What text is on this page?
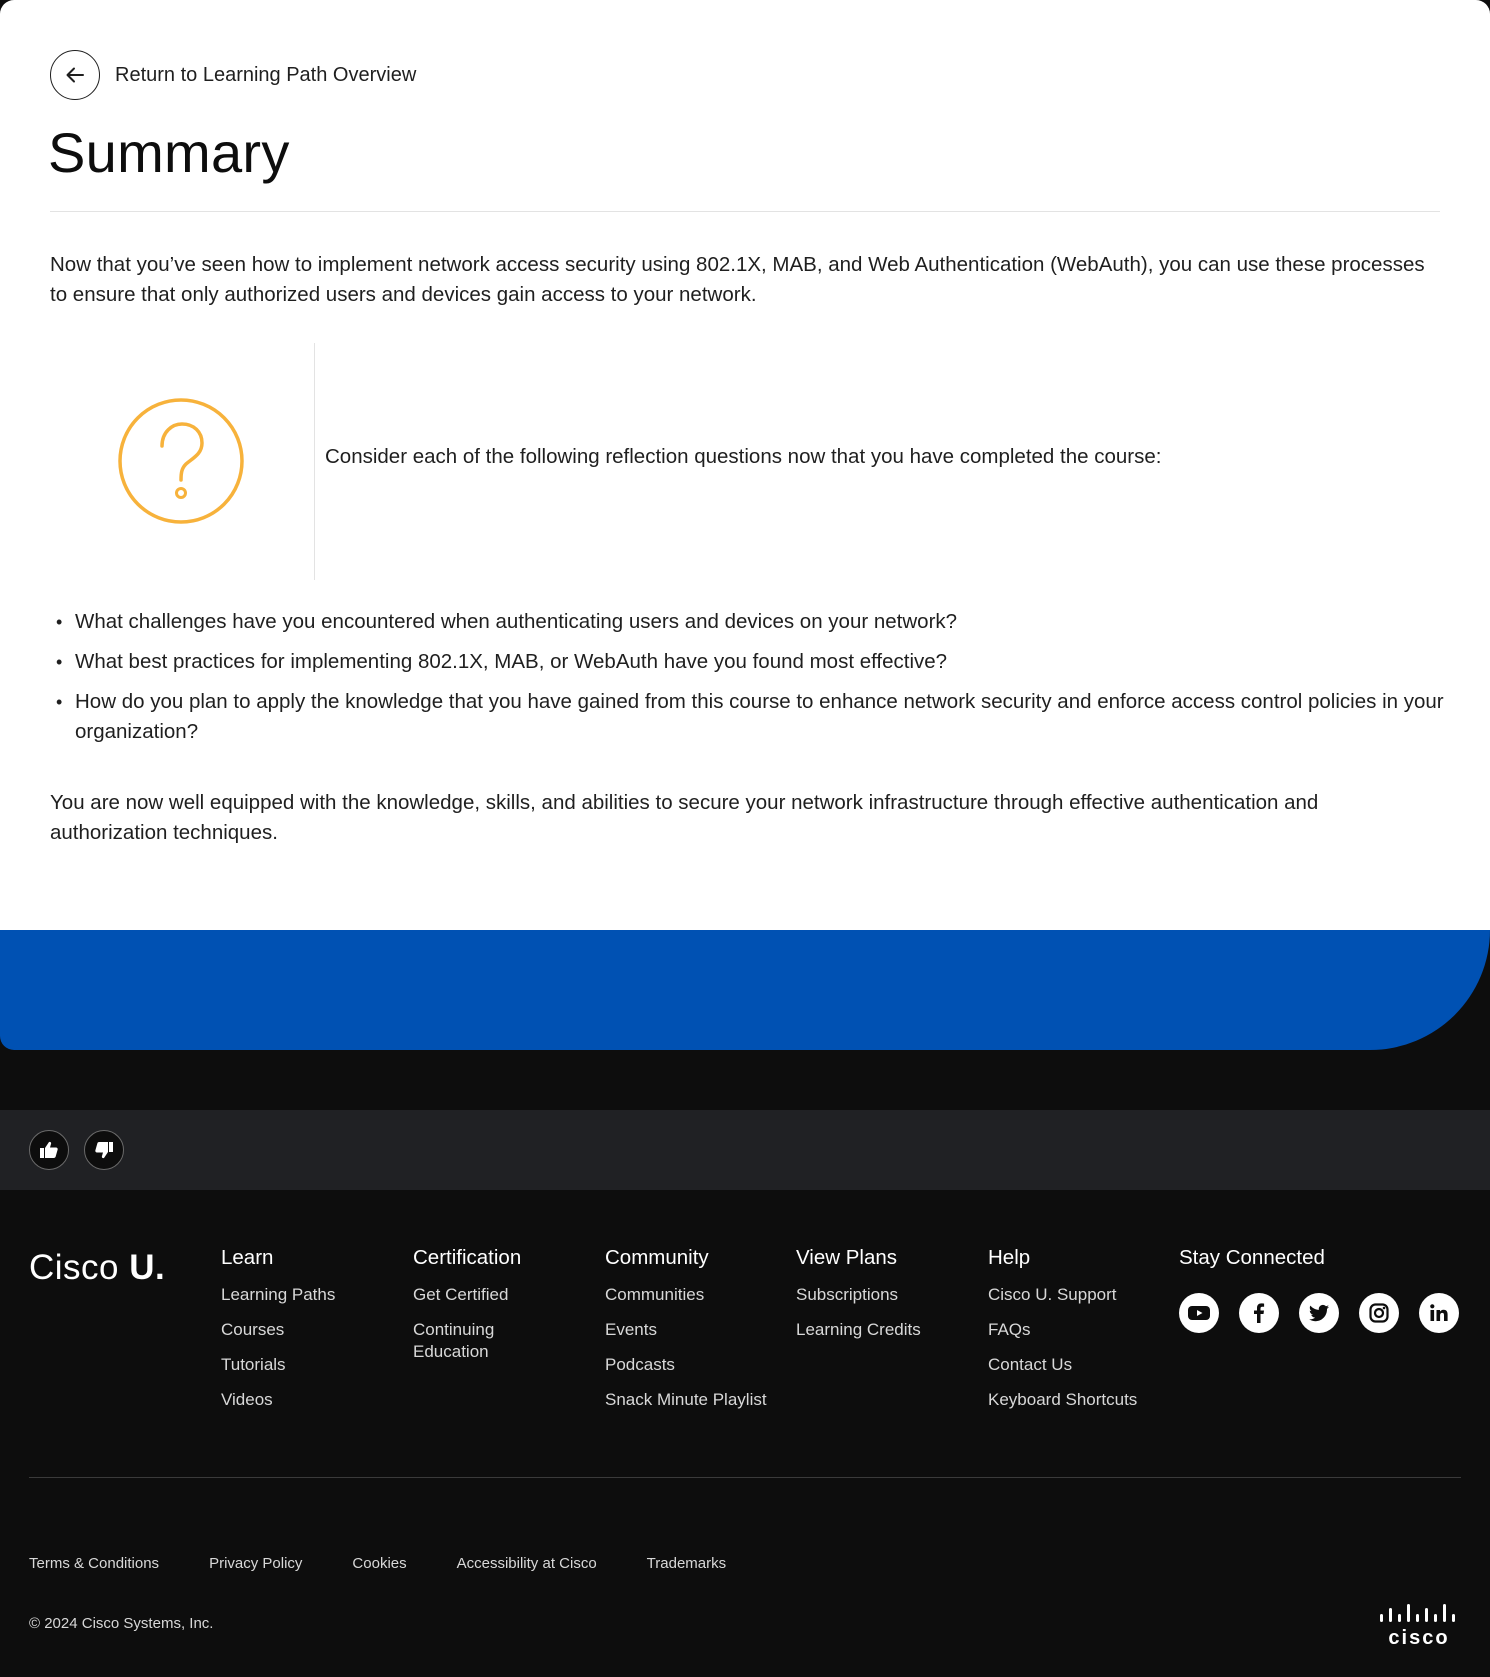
Return to Learning Path Overview
Summary

Now that you’ve seen how to implement network access security using 802.1X, MAB, and Web Authentication (WebAuth), you can use these processes to ensure that only authorized users and devices gain access to your network.

Consider each of the following reflection questions now that you have completed the course:

• What challenges have you encountered when authenticating users and devices on your network?
• What best practices for implementing 802.1X, MAB, or WebAuth have you found most effective?
• How do you plan to apply the knowledge that you have gained from this course to enhance network security and enforce access control policies in your organization?

You are now well equipped with the knowledge, skills, and abilities to secure your network infrastructure through effective authentication and authorization techniques.

Cisco U.	Learn
Learning Paths
Courses
Tutorials
Videos
Certification
Get Certified
Continuing Education
Community
Communities
Events
Podcasts
Snack Minute Playlist
View Plans
Subscriptions
Learning Credits
Help
Cisco U. Support
FAQs
Contact Us
Keyboard Shortcuts
Stay Connected
Terms & Conditions	Privacy Policy	Cookies	Accessibility at Cisco	Trademarks
© 2024 Cisco Systems, Inc.
cisco
